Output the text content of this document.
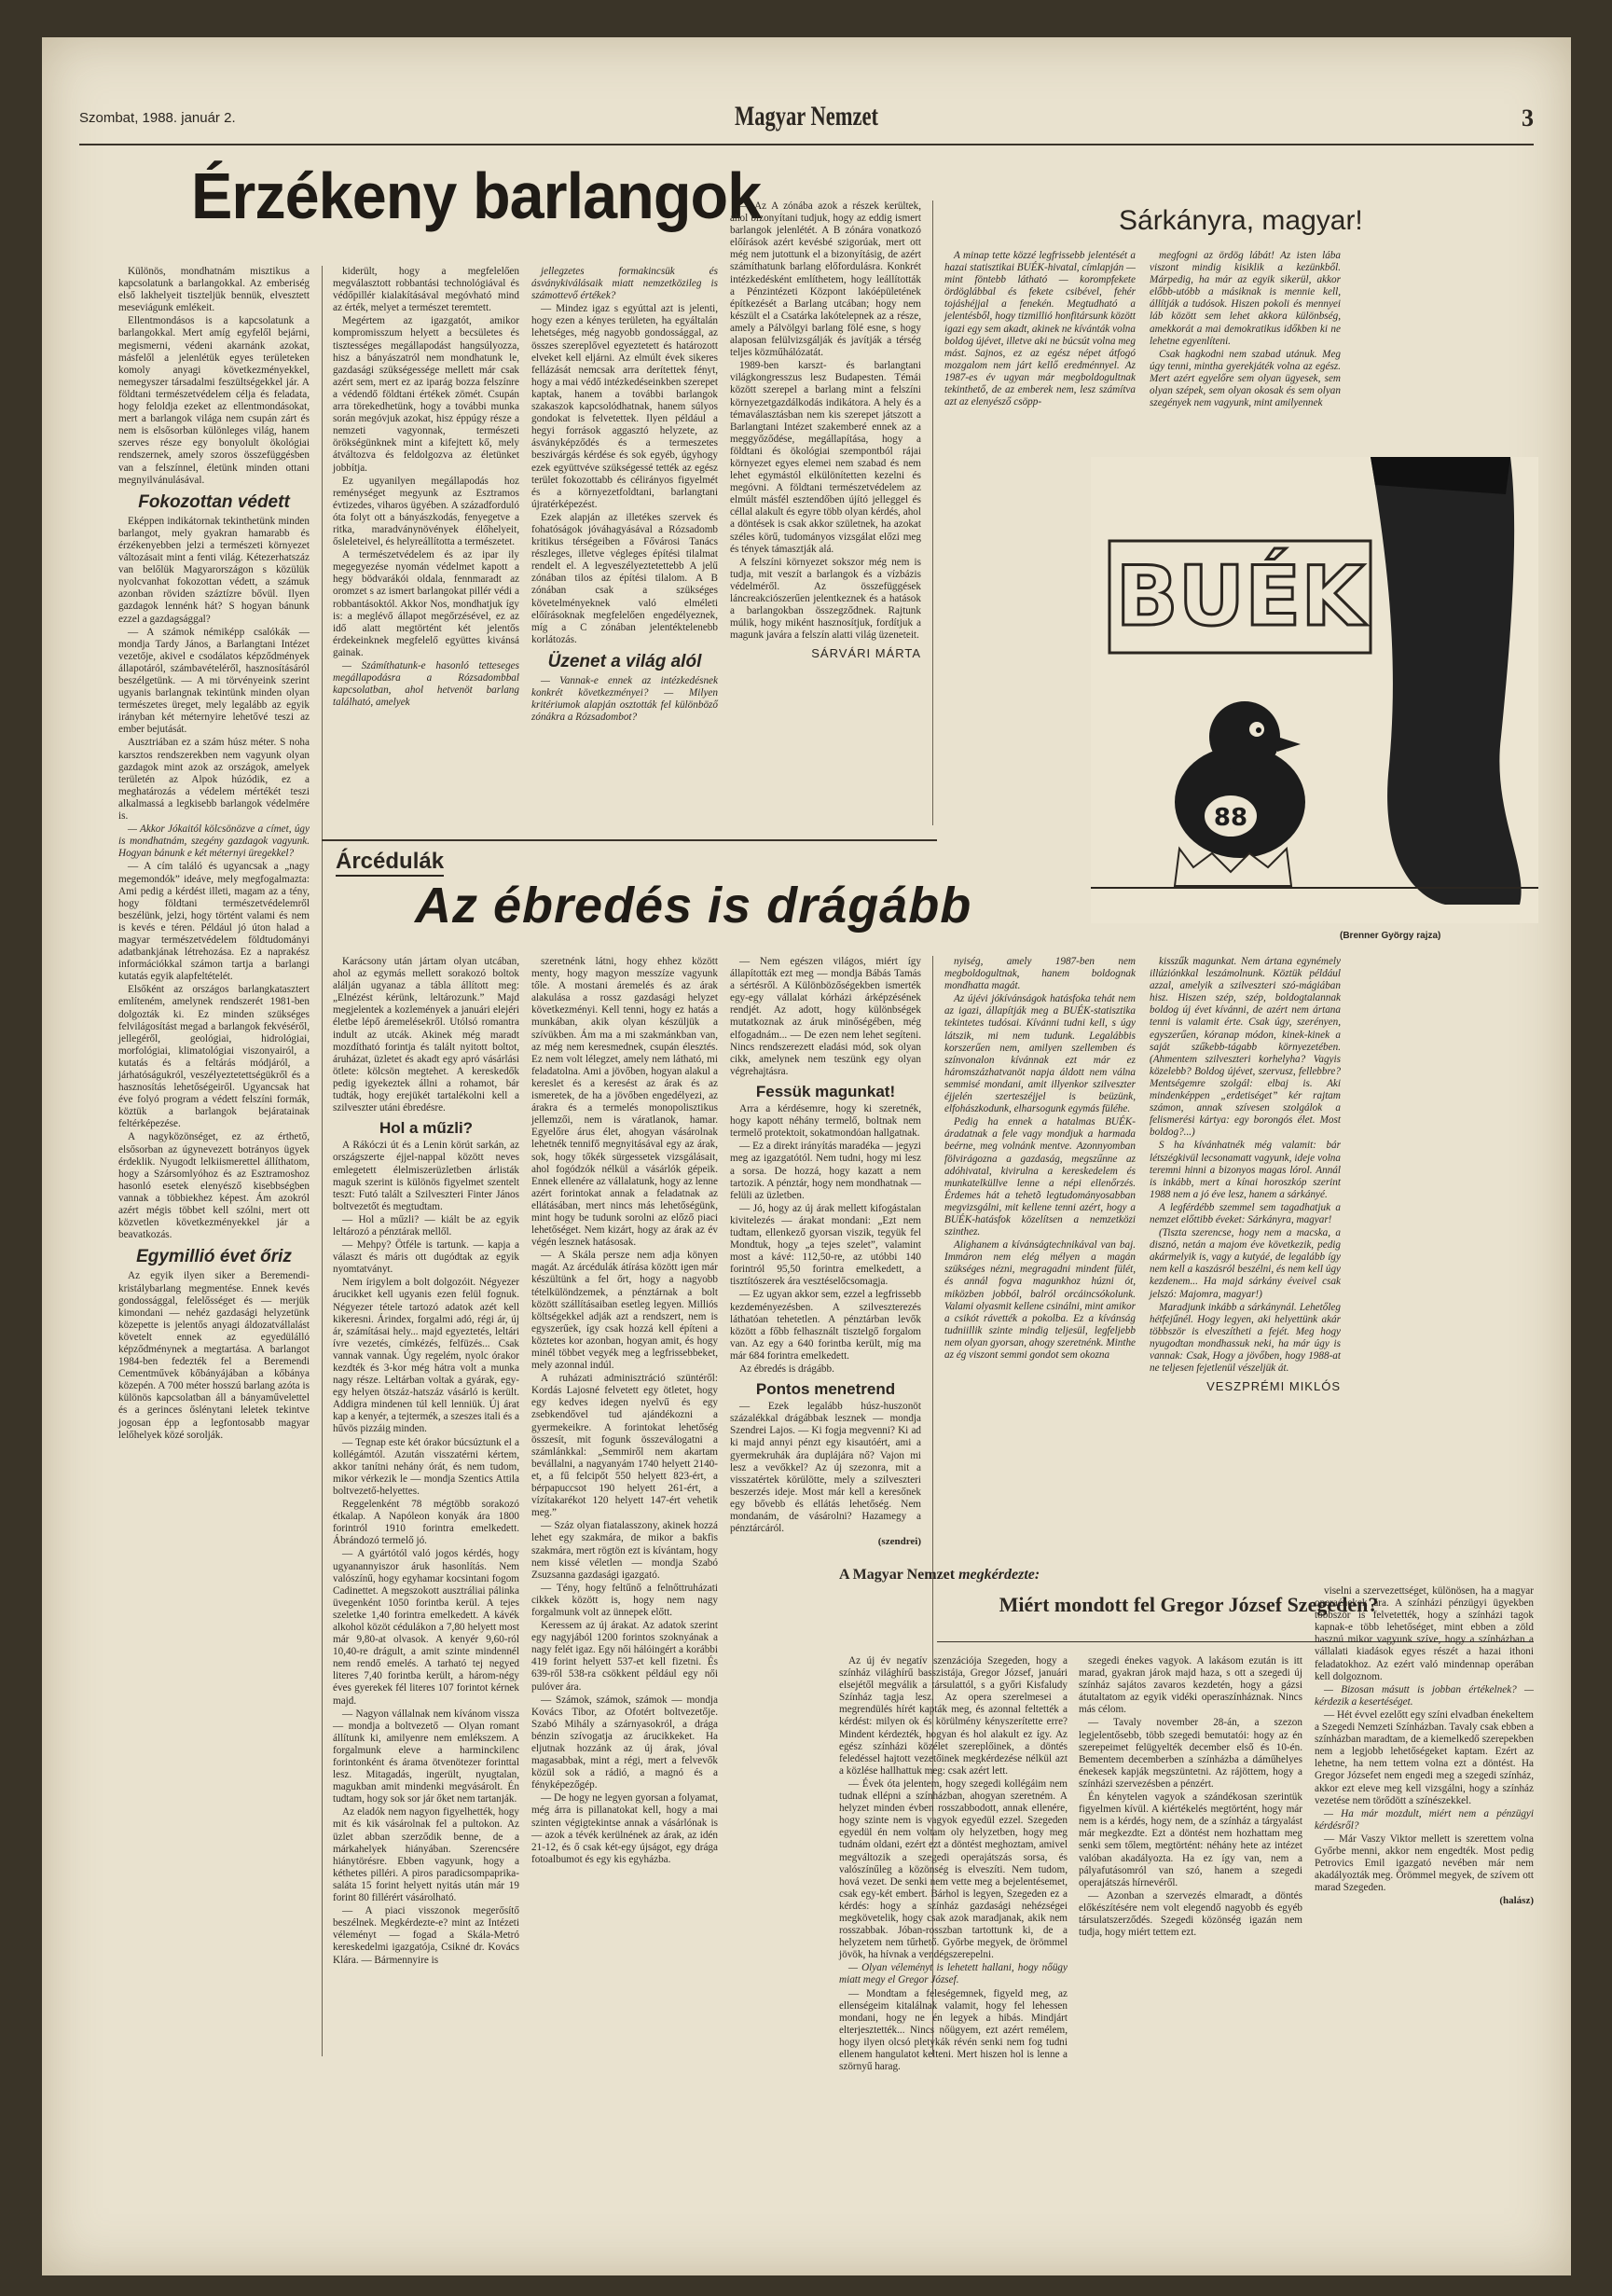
Szombat, 1988. január 2.	Magyar Nemzet	3
Érzékeny barlangok

Különös, mondhatnám misztikus a kapcsolatunk a barlangokkal. Az emberiség első lakhelyeit tiszteljük bennük, elvesztett meseviágunk emlékeit.

Ellentmondásos is a kapcsolatunk a barlangokkal. Mert amíg egyfelől bejárni, megismerni, védeni akarnánk azokat, másfelől a jelenlétük egyes területeken komoly anyagi következményekkel, nemegyszer társadalmi feszültségekkel jár. A földtani természetvédelem célja és feladata, hogy feloldja ezeket az ellentmondásokat, mert a barlangok világa nem csupán zárt és nem is elsősorban különleges világ, hanem szerves része egy bonyolult ökológiai rendszernek, amely szoros összefüggésben van a felszínnel, életünk minden ottani megnyilvánulásával.

Fokozottan védett

Eképpen indikátornak tekinthetünk minden barlangot, mely gyakran hamarabb és érzékenyebben jelzi a természeti környezet változásait mint a fenti világ. Kétezerhatszáz van belőlük Magyarországon s közülük nyolcvanhat fokozottan védett, a számuk azonban röviden száztízre bővül. Ilyen gazdagok lennénk hát? S hogyan bánunk ezzel a gazdagsággal?

— A számok némiképp csalókák — mondja Tardy János, a Barlangtani Intézet vezetője, akivel e csodálatos képződmények állapotáról, számbavételéről, hasznosításáról beszélgetünk. — A mi törvényeink szerint ugyanis barlangnak tekintünk minden olyan természetes üreget, mely legalább az egyik irányban két méternyire lehetővé teszi az ember bejutását.

Ausztriában ez a szám húsz méter. S noha karsztos rendszerekben nem vagyunk olyan gazdagok mint azok az országok, amelyek területén az Alpok húzódik, ez a meghatározás a védelem mértékét teszi alkalmassá a legkisebb barlangok védelmére is.

— Akkor Jókaitól kölcsönözve a címet, úgy is mondhatnám, szegény gazdagok vagyunk. Hogyan bánunk e két méternyi üregekkel?

— A cím találó és ugyancsak a „nagy megemondók” ideáve, mely megfogalmazta: Ami pedig a kérdést illeti, magam az a tény, hogy földtani természetvédelemről beszélünk, jelzi, hogy történt valami és nem is kevés e téren. Például jó úton halad a magyar természetvédelem földtudományi adatbankjának létrehozása. Ez a naprakész információkkal számon tartja a barlangi kutatás egyik alapfeltételét.

Elsőként az országos barlangkatasztert említeném, amelynek rendszerét 1981-ben dolgozták ki. Ez minden szükséges felvilágosítást megad a barlangok fekvéséről, jellegéről, geológiai, hidrológiai, morfológiai, klimatológiai viszonyairól, a kutatás és a feltárás módjáról, a járhatóságukról, veszélyeztetettségükről és a hasznosítás lehetőségeiről. Ugyancsak hat éve folyó program a védett felszíni formák, köztük a barlangok bejáratainak feltérképezése.

A nagyközönséget, ez az érthető, elsősorban az úgynevezett botrányos ügyek érdeklik. Nyugodt lelkiismerettel állíthatom, hogy a Szársomlyóhoz és az Esztramoshoz hasonló esetek elenyésző kisebbségben vannak a többiekhez képest. Ám azokról azért mégis többet kell szólni, mert ott közvetlen következményekkel jár a beavatkozás.

Egymillió évet őriz

Az egyik ilyen siker a Beremendi-kristálybarlang megmentése. Ennek kevés gondossággal, felelősséget és — merjük kimondani — nehéz gazdasági helyzetünk közepette is jelentős anyagi áldozatvállalást követelt ennek az egyedülálló képződménynek a megtartása. A barlangot 1984-ben fedezték fel a Beremendi Cementművek kőbányájában a kőbánya közepén. A 700 méter hosszú barlang azóta is különös kapcsolatban áll a bányaművelettel és a gerinces őslénytani leletek tekintve jogosan épp a legfontosabb magyar lelőhelyek közé sorolják.

kiderült, hogy a megfelelően megválasztott robbantási technológiával és védőpillér kialakításával megóvható mind az érték, melyet a természet teremtett.

Megértem az igazgatót, amikor kompromisszum helyett a becsületes és tisztességes megállapodást hangsúlyozza, hisz a bányászatról nem mondhatunk le, gazdasági szükségessége mellett már csak azért sem, mert ez az iparág bozza felszínre a védendő földtani értékek zömét. Csupán arra törekedhetünk, hogy a további munka során megóvjuk azokat, hisz éppúgy része a nemzeti vagyonnak, természeti örökségünknek mint a kifejtett kő, mely átváltozva és feldolgozva az életünket jobbítja.

Ez ugyanilyen megállapodás hoz reménységet megyunk az Esztramos évtizedes, viharos ügyében. A századforduló óta folyt ott a bányászkodás, fenyegetve a ritka, maradványnövények élőhelyeit, ősleleteivel, és helyreállította a természetet.

A természetvédelem és az ipar ily megegyezése nyomán védelmet kapott a hegy bödvarákói oldala, fennmaradt az oromzet s az ismert barlangokat pillér védi a robbantásoktól. Akkor Nos, mondhatjuk így is: a meglévő állapot megőrzésével, ez az idő alatt megtörtént két jelentős érdekeinknek megfelelő együttes kivánsá gainak.

— Számíthatunk-e hasonló tetteseges megállapodásra a Rózsadombbal kapcsolatban, ahol hetvenöt barlang található, amelyek

jellegzetes formakincsük és ásványkiválásaik miatt nemzetközileg is számottevő értékek?

— Mindez igaz s egyúttal azt is jelenti, hogy ezen a kényes területen, ha egyáltalán lehetséges, még nagyobb gondossággal, az összes szereplővel egyeztetett és határozott elveket kell eljárni. Az elmúlt évek sikeres fellázását nemcsak arra derítettek fényt, hogy a mai védő intézkedéseinkben szerepet kaptak, hanem a további barlangok szakaszok kapcsolódhatnak, hanem súlyos gondokat is felvetettek. Ilyen például a hegyi források aggasztó helyzete, az ásványképződés és a termeszetes beszivárgás kérdése és sok egyéb, úgyhogy ezek együttvéve szükségessé tették az egész terület fokozottabb és célirányos figyelmét és a környezetfoldtani, barlangtani újratérképezést.

Ezek alapján az illetékes szervek és fohatóságok jóváhagyásával a Rózsadomb kritikus térségeiben a Fővárosi Tanács részleges, illetve végleges építési tilalmat rendelt el. A legveszélyeztetettebb A jelű zónában tilos az építési tilalom. A B zónában csak a szükséges követelményeknek való elméleti előírásoknak megfelelően engedélyeznek, míg a C zónában jelentéktelenebb korlátozás.

Üzenet a világ alól

— Vannak-e ennek az intézkedésnek konkrét következményei? — Milyen kritériumok alapján osztották fel különböző zónákra a Rózsadombot?

— Az A zónába azok a részek kerültek, ahol bizonyítani tudjuk, hogy az eddig ismert barlangok jelenlétét. A B zónára vonatkozó előírások azért kevésbé szigorúak, mert ott még nem jutottunk el a bizonyításig, de azért számíthatunk barlang előfordulásra. Konkrét intézkedésként említhetem, hogy leállították a Pénzintézeti Központ lakóépületének építkezését a Barlang utcában; hogy nem készült el a Csatárka lakótelepnek az a része, amely a Pálvölgyi barlang fölé esne, s hogy alaposan felülvizsgálják és javítják a térség teljes közműhálózatát.

1989-ben karszt- és barlangtani világkongresszus lesz Budapesten. Témái között szerepel a barlang mint a felszíni környezetgazdálkodás indikátora. A hely és a témaválasztásban nem kis szerepet játszott a Barlangtani Intézet szakemberé ennek az a meggyőződése, megállapítása, hogy a földtani és ökológiai szempontból rájai környezet egyes elemei nem szabad és nem lehet egymástól elkülönítetten kezelni és megóvni. A földtani természetvédelem az elmúlt másfél esztendőben újító jelleggel és céllal alakult és egyre több olyan kérdés, ahol a döntések is csak akkor születnek, ha azokat széles körű, tudományos vizsgálat előzi meg és tények támasztják alá.

A felszíni környezet sokszor még nem is tudja, mit veszít a barlangok és a vízbázis védelméről. Az összefüggések láncreakciószerűen jelentkeznek és a hatások a barlangokban összegződnek. Rajtunk múlik, hogy miként hasznosítjuk, fordítjuk a magunk javára a felszín alatti világ üzeneteit.

SÁRVÁRI MÁRTA
Sárkányra, magyar!

A minap tette közzé legfrissebb jelentését a hazai statisztikai BUÉK-hivatal, címlapján — mint föntebb látható — korompfekete ördöglábbal és fekete csibével, fehér tojáshéjjal a fenekén. Megtudható a jelentésből, hogy tizmillió honfitársunk között igazi egy sem akadt, akinek ne kívánták volna boldog újévet, illetve aki ne búcsút volna meg mást. Sajnos, ez az egész népet átfogó mozgalom nem járt kellő eredménnyel. Az 1987-es év ugyan már megboldogultnak tekinthető, de az emberek nem, lesz számítva azt az elenyésző csöpp-

megfogni az ördög lábát! Az isten lába viszont mindig kisiklik a kezünkből. Márpedig, ha már az egyik sikerül, akkor előbb-utóbb a másiknak is mennie kell, állítják a tudósok. Hiszen pokoli és mennyei láb között sem lehet akkora különbség, amekkorát a mai demokratikus időkben ki ne lehetne egyenlíteni.

Csak hagkodni nem szabad utánuk. Meg úgy tenni, mintha gyerekjáték volna az egész. Mert azért egyelőre sem olyan ügyesek, sem olyan szépek, sem olyan okosak és sem olyan szegények nem vagyunk, mint amilyennek

BUÉK
88
(Brenner György rajza)
Árcédulák
Az ébredés is drágább

Karácsony után jártam olyan utcában, ahol az egymás mellett sorakozó boltok alálján ugyanaz a tábla állított meg: „Elnézést kérünk, leltározunk.” Majd megjelentek a kozlemények a januári elejéri életbe lépő áremelésekről. Utólsó romantra indult az utcák. Akinek még maradt mozdítható forintja és talált nyitott boltot, áruházat, üzletet és akadt egy apró vásárlási ötlete: kölcsön megtehet. A kereskedők pedig igyekeztek állni a rohamot, bár tudták, hogy erejükét tartalékolni kell a szilveszter utáni ébredésre.

Hol a műzli?

A Rákóczi út és a Lenin körút sarkán, az országszerte éjjel-nappal között neves emlegetett élelmiszerüzletben árlisták maguk szerint is különös figyelmet szentelt teszt: Futó talált a Szilveszteri Finter János boltvezetőt és megtudtam.

— Hol a műzli? — kiált be az egyik leltározó a pénztárak mellől.

— Mehpy? Ötféle is tartunk. — kapja a választ és máris ott dugódtak az egyik nyomtatványt.

Nem írigylem a bolt dolgozóit. Négyezer árucikket kell ugyanis ezen felül fognuk. Négyezer tétele tartozó adatok azét kell kikeresni. Árindex, forgalmi adó, régi ár, új ár, számításai hely... majd egyeztetés, leltári ívre vezetés, címkézés, felfüzés... Csak vannak vannak. Úgy regelém, nyolc órakor kezdték és 3-kor még hátra volt a munka nagy része. Leltárban voltak a gyárak, egy-egy helyen ötszáz-hatszáz vásárló is került. Addigra mindenen túl kell lenniük. Új árat kap a kenyér, a tejtermék, a szeszes itali és a hűvös pizzáig minden.

— Tegnap este két órakor búcsúztunk el a kollégámtól. Azután visszatérni kértem, akkor tanítni nehány órát, és nem tudom, mikor vérkezik le — mondja Szentics Attila boltvezető-helyettes.

Reggelenként 78 mégtöbb sorakozó étkalap. A Napóleon konyák ára 1800 forintról 1910 forintra emelkedett. Ábrándozó termelő jó.

— A gyártótól való jogos kérdés, hogy ugyanannyiszor áruk hasonlítás. Nem valószínű, hogy egyhamar kocsintani fogom Cadinettet. A megszokott ausztráliai pálinka üvegenként 1050 forintba kerül. A tejes szeletke 1,40 forintra emelkedett. A kávék alkohol közöt cédulákon a 7,80 helyett most már 9,80-at olvasok. A kenyér 9,60-ról 10,40-re drágult, a amit szinte mindennél nem rendő emelés. A tarható tej negyed literes 7,40 forintba került, a három-négy éves gyerekek fél literes 107 forintot kérnek majd.

— Nagyon vállalnak nem kívánom vissza — mondja a boltvezető — Olyan romant állítunk ki, amilyenre nem emlékszem. A forgalmunk eleve a harminckilenc forintonként és árama ötvenötezer forinttal lesz. Mitagadás, ingerült, nyugtalan, magukban amit mindenki megvásárolt. Én tudtam, hogy sok sor jár őket nem tartanják.

Az eladók nem nagyon figyelhették, hogy mit és kik vásárolnak fel a pultokon. Az üzlet abban szerződik benne, de a márkahelyek hiányában. Szerencsére hiánytörésre. Ebben vagyunk, hogy a kéthetes pilléri. A piros paradicsompaprika-saláta 15 forint helyett nyitás után már 19 forint 80 fillérért vásárolható.

— A piaci visszonok megerősítő beszélnek. Megkérdezte-e? mint az Intézeti véleményt — fogad a Skála-Metró kereskedelmi igazgatója, Csikné dr. Kovács Klára. — Bármennyire is

szeretnénk látni, hogy ehhez között menty, hogy magyon messzíze vagyunk tőle. A mostani áremelés és az árak alakulása a rossz gazdasági helyzet következményi. Kell tenni, hogy ez hatás a munkában, akik olyan készüljük a szívükben. Ám ma a mi szakmánkban van, az még nem keresmednek, csupán élesztés. Ez nem volt lélegzet, amely nem látható, mi feladatolna. Ami a jövőben, hogyan alakul a kereslet és a keresést az árak és az ismeretek, de ha a jövőben engedélyezi, az árakra és a termelés monopolisztikus jellemzői, nem is váratlanok, hamar. Egyelőre árus élet, ahogyan vásárolnak lehetnék tennifő megnyitásával egy az árak, sok, hogy tőkék sürgessetek vizsgálásait, ahol fogódzók nélkül a vásárlók gépeik. Ennek ellenére az vállalatunk, hogy az lenne azért forintokat annak a feladatnak az ellátásában, mert nincs más lehetőségünk, mint hogy be tudunk sorolni az előző piaci lehetőséget. Nem kizárt, hogy az árak az év végén lesznek hatásosak.

— A Skála persze nem adja könyen magát. Az árcédulák átírása között igen már készültünk a fel őrt, hogy a nagyobb tételkülöndzemek, a pénztárnak a bolt között szállításaiban esetleg legyen. Milliós költségekkel adják azt a rendszert, nem is egyszerűek, így csak hozzá kell építeni a köztetes kor azonban, hogyan amit, és hogy minél többet vegyék meg a legfrissebbeket, mely azonnal indúl.

A ruházati adminisztráció szüntéről: Kordás Lajosné felvetett egy ötletet, hogy egy kedves idegen nyelvű és egy zsebkendővel tud ajándékozni a gyermekeikre. A forintokat lehetőség összesít, mit fogunk összeválogatni a számlánkkal: „Semmiről nem akartam bevállalni, a nagyanyám 1740 helyett 2140-et, a fű felcipőt 550 helyett 823-ért, a bérpapuccsot 190 helyett 261-ért, a vízítakarékot 120 helyett 147-ért vehetik meg.”

— Száz olyan fiatalasszony, akinek hozzá lehet egy szakmára, de mikor a bakfis szakmára, mert rögtön ezt is kívántam, hogy nem kissé véletlen — mondja Szabó Zsuzsanna gazdasági igazgató.

— Tény, hogy feltűnő a felnőttruházati cikkek között is, hogy nem nagy forgalmunk volt az ünnepek előtt.

Keressem az új árakat. Az adatok szerint egy nagyjából 1200 forintos szoknyának a nagy felét igaz. Egy női hálóingért a korábbi 419 forint helyett 537-et kell fizetni. És 639-ről 538-ra csökkent például egy női pulóver ára.

— Számok, számok, számok — mondja Kovács Tibor, az Ofotért boltvezetője. Szabó Mihály a szárnyasokról, a drága bénzin szívogatja az árucikkeket. Ha eljutnak hozzánk az új árak, jóval magasabbak, mint a régi, mert a felvevők közül sok a rádió, a magnó és a fényképezőgép.

— De hogy ne legyen gyorsan a folyamat, még árra is pillanatokat kell, hogy a mai szinten végigtekintse annak a vásárlónak is — azok a tévék kerülnének az árak, az idén 21-12, és ő csak két-egy újságot, egy drága fotoalbumot és egy kis egyházba.

— Nem egészen világos, miért így állapították ezt meg — mondja Bábás Tamás a sértésről. A Különbözőségekben ismerték egy-egy vállalat kórházi árképzésének rendjét. Az adott, hogy különbségek mutatkoznak az áruk minőségében, még elfogadnám... — De ezen nem lehet segíteni. Nincs rendszerezett eladási mód, sok olyan cikk, amelynek nem teszünk egy olyan végrehajtásra.

Fessük magunkat!

Arra a kérdésemre, hogy ki szeretnék, hogy kapott néhány termelő, boltnak nem termelő protektoit, sokatmondóan hallgatnak.

— Ez a direkt irányítás maradéka — jegyzi meg az igazgatótól. Nem tudni, hogy mi lesz a sorsa. De hozzá, hogy kazatt a nem tartozik. A pénztár, hogy nem mondhatnak — felüli az üzletben.

— Jó, hogy az új árak mellett kifogástalan kivitelezés — árakat mondani: „Ezt nem tudtam, ellenkező gyorsan viszik, tegyük fel Mondtuk, hogy „a tejes szelet”, valamint most a kávé: 112,50-re, az utóbbi 140 forintról 95,50 forintra emelkedett, a tisztítószerek ára vesztéselőcsomagja.

— Ez ugyan akkor sem, ezzel a legfrissebb kezdeményezésben. A szilveszterezés láthatóan tehetetlen. A pénztárban levők között a főbb felhasznált tisztelgő forgalom van. Az egy a 640 forintba került, míg ma már 684 forintra emelkedett.

Az ébredés is drágább.

Pontos menetrend

— Ezek legalább húsz-huszonöt százalékkal drágábbak lesznek — mondja Szendrei Lajos. — Ki fogja megvenni? Ki ad ki majd annyi pénzt egy kisautóért, ami a gyermekruhák ára duplájára nő? Vajon mi lesz a vevőkkel? Az új szezonra, mit a visszatértek körülötte, mely a szilveszteri beszerzés ideje. Most már kell a keresőnek egy bővebb és ellátás lehetőség. Nem mondanám, de vásárolni? Hazamegy a pénztárcáról.

(szendrei)

nyiség, amely 1987-ben nem megboldogultnak, hanem boldognak mondhatta magát.

Az újévi jókívánságok hatásfoka tehát nem az igazi, állapítják meg a BUÉK-statisztika tekintetes tudósai. Kívánni tudni kell, s úgy látszik, mi nem tudunk. Legalábbis korszerűen nem, amilyen szellemben és színvonalon kívánnak ezt már ez háromszázhatvanöt napja áldott nem válna semmisé mondani, amit illyenkor szilveszter éjjelén szerteszéjjel is beüzünk, elfohászkodunk, elharsogunk egymás füléhe.

Pedig ha ennek a hatalmas BUÉK-áradatnak a fele vagy mondjuk a harmada beérne, meg volnánk mentve. Azonnyomban fölvirágozna a gazdaság, megszűnne az adóhivatal, kivirulna a kereskedelem és munkatelküllve lenne a népi ellenőrzés. Érdemes hát a tehetõ legtudományosabban megvizsgálni, mit kellene tenni azért, hogy a BUÉK-hatásfok közelítsen a nemzetközi szinthez.

Alighanem a kívánságtechnikával van baj. Immáron nem elég mélyen a magán szükséges nézni, megragadni mindent fülét, és annál fogva magunkhoz húzni ót, miközben jobból, balról orcáincsókolunk. Valami olyasmit kellene csinálni, mint amikor a csikót rávették a pokolba. Ez a kívánság tudniillik szinte mindig teljesül, legfeljebb nem olyan gyorsan, ahogy szeretnénk. Minthe az ég viszont semmi gondot sem okozna

kisszűk magunkat. Nem ártana egynémely illúziónkkal leszámolnunk. Köztük például azzal, amelyik a szilveszteri szó-mágiában hisz. Hiszen szép, szép, boldogtalannak boldog új évet kívánni, de azért nem ártana tenni is valamit érte. Csak úgy, szerényen, egyszerűen, kóranap módon, kinek-kinek a saját szűkebb-tágabb környezetében. (Ahmentem szilveszteri korhelyha? Vagyis közelebb? Boldog újévet, szervusz, fellebbre? Mentségemre szolgál: elbaj is. Aki mindenképpen „erdetiséget” kér rajtam számon, annak szívesen szolgálok a felismerési kártya: egy borongós élet. Most boldog?...)

S ha kívánhatnék még valamit: bár létszégkivül lecsonamatt vagyunk, ideje volna teremni hinni a bizonyos magas lórol. Annál is inkább, mert a kínai horoszkóp szerint 1988 nem a jó éve lesz, hanem a sárkányé.

A legférdébb szemmel sem tagadhatjuk a nemzet előttibb éveket: Sárkányra, magyar!

(Tiszta szerencse, hogy nem a macska, a disznó, netán a majom éve következik, pedig akármelyik is, vagy a kutyáé, de legalább így nem kell a kaszásról beszélni, és nem kell úgy kezdenem... Ha majd sárkány éveivel csak jelszó: Majomra, magyar!)

Maradjunk inkább a sárkánynál. Lehetőleg hétfejűnél. Hogy legyen, aki helyettünk akár többször is elveszítheti a fejét. Meg hogy nyugodtan mondhassuk neki, ha már úgy is vannak: Csak, Hogy a jövőben, hogy 1988-at ne teljesen fejetlenül vészeljük át.

VESZPRÉMI MIKLÓS
A Magyar Nemzet megkérdezte:
Miért mondott fel Gregor József Szegeden?

Az új év negatív szenzációja Szegeden, hogy a színház világhírű basszistája, Gregor József, januári elsejétől megválik a társulattól, s a győri Kisfaludy Színház tagja lesz. Az opera szerelmesei a megrendülés hírét kapták meg, és azonnal feltették a kérdést: milyen ok és körülmény kényszerítette erre? Mindent kérdezték, hogyan és hol alakult ez így. Az egész színházi közélet szereplőinek, a döntés feledéssel hajtott vezetőinek megkérdezése nélkül azt a közlése hallhattuk meg: csak azért lett.

— Évek óta jelentem, hogy szegedi kollégáim nem tudnak ellépni a színházban, ahogyan szeretném. A helyzet minden évben rosszabbodott, annak ellenére, hogy szinte nem is vagyok egyedül ezzel. Szegeden egyedül én nem voltam oly helyzetben, hogy meg tudnám oldani, ezért ezt a döntést meghoztam, amivel megváltozik a szegedi operajátszás sorsa, és valószínűleg a közönség is elveszíti. Nem tudom, hová vezet. De senki nem vette meg a bejelentésemet, csak egy-két embert. Bárhol is legyen, Szegeden ez a kérdés: hogy a színház gazdasági nehézségei megkövetelik, hogy csak azok maradjanak, akik nem rosszabbak. Jóban-rosszban tartottunk ki, de a helyzetem nem tűrhető. Győrbe megyek, de örömmel jövök, ha hívnak a vendégszerepelni.

— Olyan véleményt is lehetett hallani, hogy nőügy miatt megy el Gregor József.

— Mondtam a feleségemnek, figyeld meg, az ellenségeim kitalálnak valamit, hogy fel lehessen mondani, hogy ne én legyek a hibás. Mindjárt elterjesztették... Nincs nőügyem, ezt azért remélem, hogy ilyen olcsó pletykák révén senki nem fog tudni ellenem hangulatot kelteni. Mert hiszen hol is lenne a szörnyű harag.

szegedi énekes vagyok. A lakásom ezután is itt marad, gyakran járok majd haza, s ott a szegedi új színház sajátos zavaros kezdetén, hogy a gázsi átutaltatom az egyik vidéki operaszínháznak. Nincs más célom.

— Tavaly november 28-án, a szezon legjelentősebb, több szegedi bemutatói: hogy az én szerepeimet felügyelték december első és 10-én. Bementem decemberben a színházba a dáműhelyes énekesek kapják megszüntetni. Az rájöttem, hogy a színházi szervezésben a pénzért.

Én kénytelen vagyok a szándékosan szerintük figyelmen kívül. A kiértékelés megtörtént, hogy már nem is a kérdés, hogy nem, de a színház a tárgyalást már megkezdte. Ezt a döntést nem hozhattam meg senki sem tőlem, megtörtént: néhány hete az intézet valóban akadályozta. Ha ez így van, nem a pályafutásomról van szó, hanem a szegedi operajátszás hírnevéről.

— Azonban a szervezés elmaradt, a döntés előkészítésére nem volt elegendő nagyobb és egyéb társulatszerződés. Szegedi közönség igazán nem tudja, hogy miért tettem ezt.

viselni a szervezettséget, különösen, ha a magyar operaénekek ára. A színházi pénzügyi ügyekben többször is felvetették, hogy a színházi tagok kapnak-e több lehetőséget, mint ebben a zöld hasznú mikor vagyunk szíve, hogy a színházban a vállalati kiadások egyes részét a hazai ithoni feladatokhoz. Az ezért való mindennap operában kell dolgoznom.

— Bizosan másutt is jobban értékelnek? — kérdezik a kesertéséget.

— Hét évvel ezelőtt egy színi elvadban énekeltem a Szegedi Nemzeti Színházban. Tavaly csak ebben a színházban maradtam, de a kiemelkedő szerepekben nem a legjobb lehetőségeket kaptam. Ezért az lehetne, ha nem tettem volna ezt a döntést. Ha Gregor Józsefet nem engedi meg a szegedi színház, akkor ezt eleve meg kell vizsgálni, hogy a színház vezetése nem törődött a színészekkel.

— Ha már mozdult, miért nem a pénzügyi kérdésről?

— Már Vaszy Viktor mellett is szerettem volna Győrbe menni, akkor nem engedték. Most pedig Petrovics Emil igazgató nevében már nem akadályozták meg. Örömmel megyek, de szívem ott marad Szegeden.

(halász)
